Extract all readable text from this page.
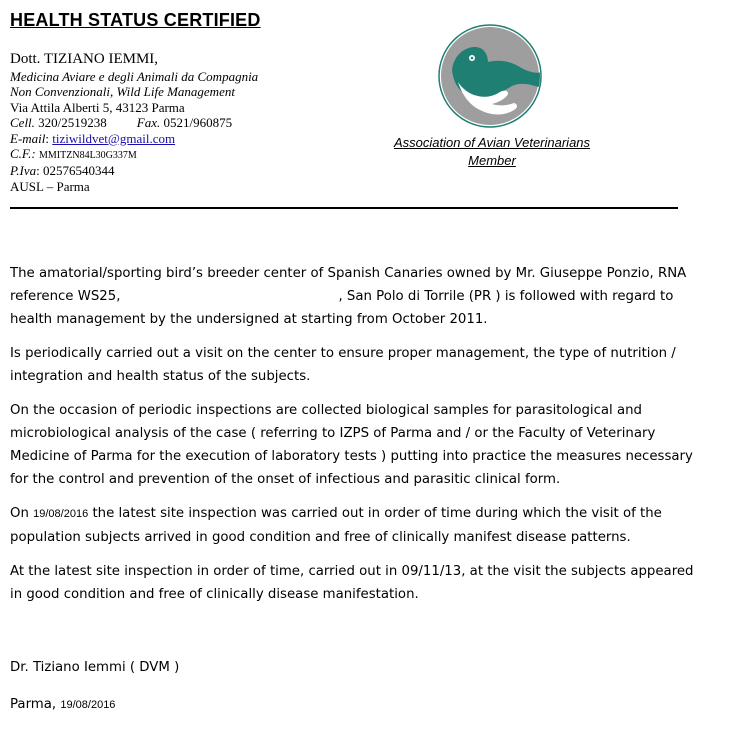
HEALTH STATUS CERTIFIED
Dott. TIZIANO IEMMI,
Medicina Aviare e degli Animali da Compagnia
Non Convenzionali, Wild Life Management
Via Attila Alberti 5, 43123 Parma
Cell. 320/2519238 Fax. 0521/960875
E-mail: tiziwildvet@gmail.com
C.F.: MMITZN84L30G337M
P.Iva: 02576540344
AUSL – Parma
Association of Avian Veterinarians
Member

The amatorial/sporting bird’s breeder center of Spanish Canaries owned by Mr. Giuseppe Ponzio, RNA reference WS25,	, San Polo di Torrile (PR ) is followed with regard to health management by the undersigned at starting from October 2011.

Is periodically carried out a visit on the center to ensure proper management, the type of nutrition / integration and health status of the subjects.

On the occasion of periodic inspections are collected biological samples for parasitological and microbiological analysis of the case ( referring to IZPS of Parma and / or the Faculty of Veterinary Medicine of Parma for the execution of laboratory tests ) putting into practice the measures necessary for the control and prevention of the onset of infectious and parasitic clinical form.

On 19/08/2016 the latest site inspection was carried out in order of time during which the visit of the population subjects arrived in good condition and free of clinically manifest disease patterns.

At the latest site inspection in order of time, carried out in 09/11/13, at the visit the subjects appeared in good condition and free of clinically disease manifestation.

Dr. Tiziano Iemmi ( DVM )
Parma, 19/08/2016
